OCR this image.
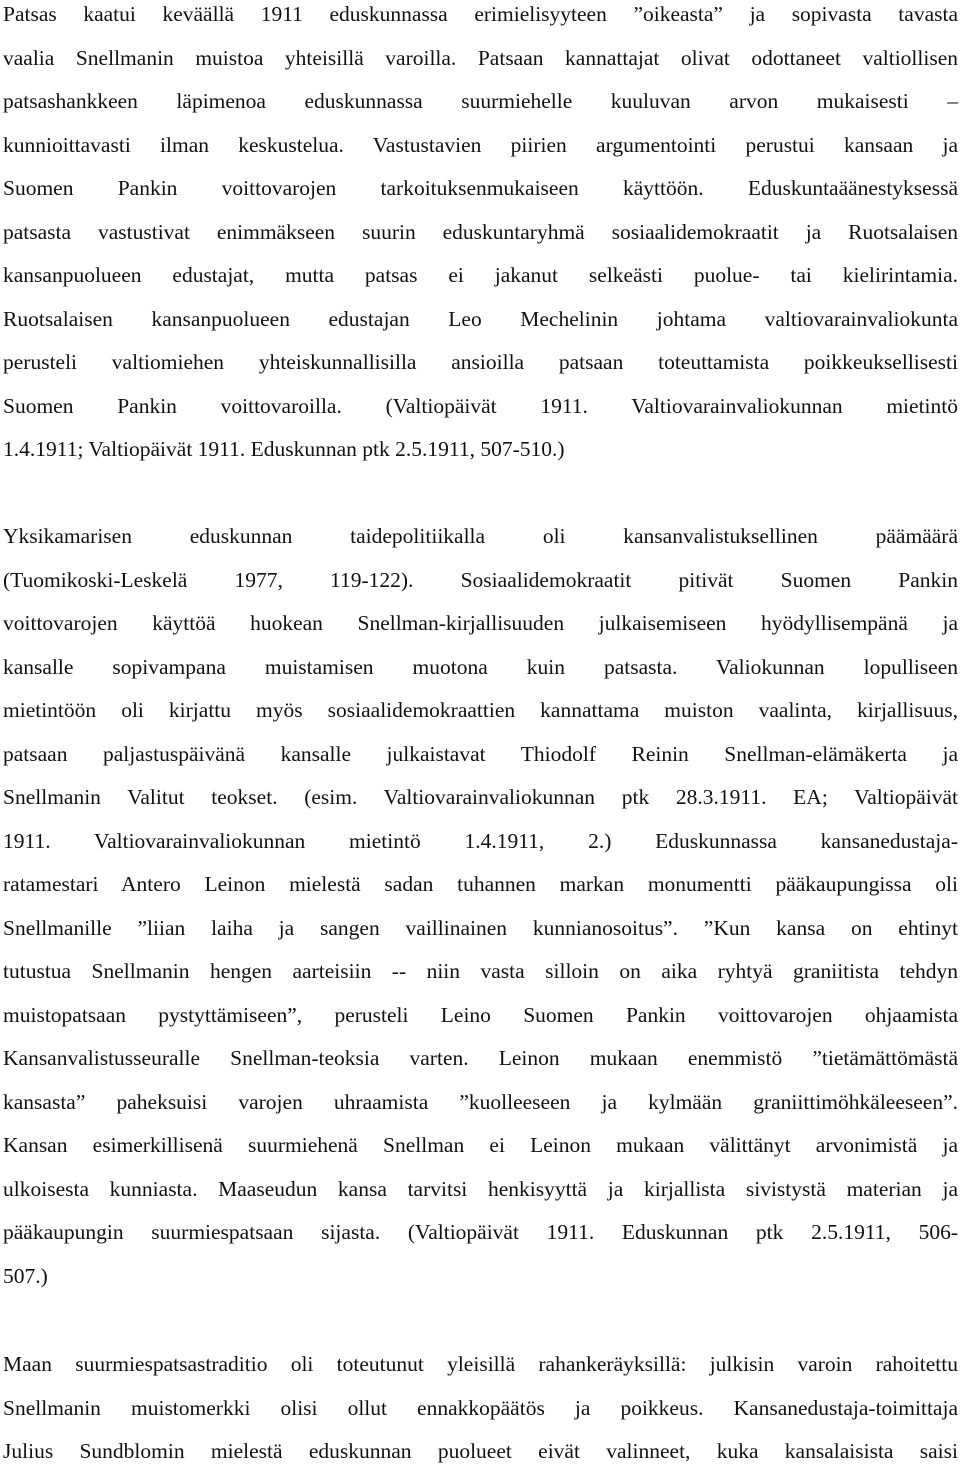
Patsas kaatui keväällä 1911 eduskunnassa erimielisyyteen ”oikeasta” ja sopivasta tavasta
vaalia Snellmanin muistoa yhteisillä varoilla. Patsaan kannattajat olivat odottaneet valtiollisen
patsashankkeen läpimenoa eduskunnassa suurmiehelle kuuluvan arvon mukaisesti –
kunnioittavasti ilman keskustelua. Vastustavien piirien argumentointi perustui kansaan ja
Suomen Pankin voittovarojen tarkoituksenmukaiseen käyttöön. Eduskuntaäänestyksessä
patsasta vastustivat enimmäkseen suurin eduskuntaryhmä sosiaalidemokraatit ja Ruotsalaisen
kansanpuolueen edustajat, mutta patsas ei jakanut selkeästi puolue- tai kielirintamia.
Ruotsalaisen kansanpuolueen edustajan Leo Mechelinin johtama valtiovarainvaliokunta
perusteli valtiomiehen yhteiskunnallisilla ansioilla patsaan toteuttamista poikkeuksellisesti
Suomen Pankin voittovaroilla. (Valtiopäivät 1911. Valtiovarainvaliokunnan mietintö
1.4.1911; Valtiopäivät 1911. Eduskunnan ptk 2.5.1911, 507-510.)
Yksikamarisen eduskunnan taidepolitiikalla oli kansanvalistuksellinen päämäärä
(Tuomikoski-Leskelä 1977, 119-122). Sosiaalidemokraatit pitivät Suomen Pankin
voittovarojen käyttöä huokean Snellman-kirjallisuuden julkaisemiseen hyödyllisempänä ja
kansalle sopivampana muistamisen muotona kuin patsasta. Valiokunnan lopulliseen
mietintöön oli kirjattu myös sosiaalidemokraattien kannattama muiston vaalinta, kirjallisuus,
patsaan paljastuspäivänä kansalle julkaistavat Thiodolf Reinin Snellman-elämäkerta ja
Snellmanin Valitut teokset. (esim. Valtiovarainvaliokunnan ptk 28.3.1911. EA; Valtiopäivät
1911. Valtiovarainvaliokunnan mietintö 1.4.1911, 2.) Eduskunnassa kansanedustaja-
ratamestari Antero Leinon mielestä sadan tuhannen markan monumentti pääkaupungissa oli
Snellmanille ”liian laiha ja sangen vaillinainen kunnianosoitus”. ”Kun kansa on ehtinyt
tutustua Snellmanin hengen aarteisiin -- niin vasta silloin on aika ryhtyä graniitista tehdyn
muistopatsaan pystyttämiseen”, perusteli Leino Suomen Pankin voittovarojen ohjaamista
Kansanvalistusseuralle Snellman-teoksia varten. Leinon mukaan enemmistö ”tietämättömästä
kansasta” paheksuisi varojen uhraamista ”kuolleeseen ja kylmään graniittimöhkäleeseen”.
Kansan esimerkillisenä suurmiehenä Snellman ei Leinon mukaan välittänyt arvonimistä ja
ulkoisesta kunniasta. Maaseudun kansa tarvitsi henkisyyttä ja kirjallista sivistystä materian ja
pääkaupungin suurmiespatsaan sijasta. (Valtiopäivät 1911. Eduskunnan ptk 2.5.1911, 506-
507.)
Maan suurmiespatsastraditio oli toteutunut yleisillä rahankeräyksillä: julkisin varoin rahoitettu
Snellmanin muistomerkki olisi ollut ennakkopäätös ja poikkeus. Kansanedustaja-toimittaja
Julius Sundblomin mielestä eduskunnan puolueet eivät valinneet, kuka kansalaisista saisi
